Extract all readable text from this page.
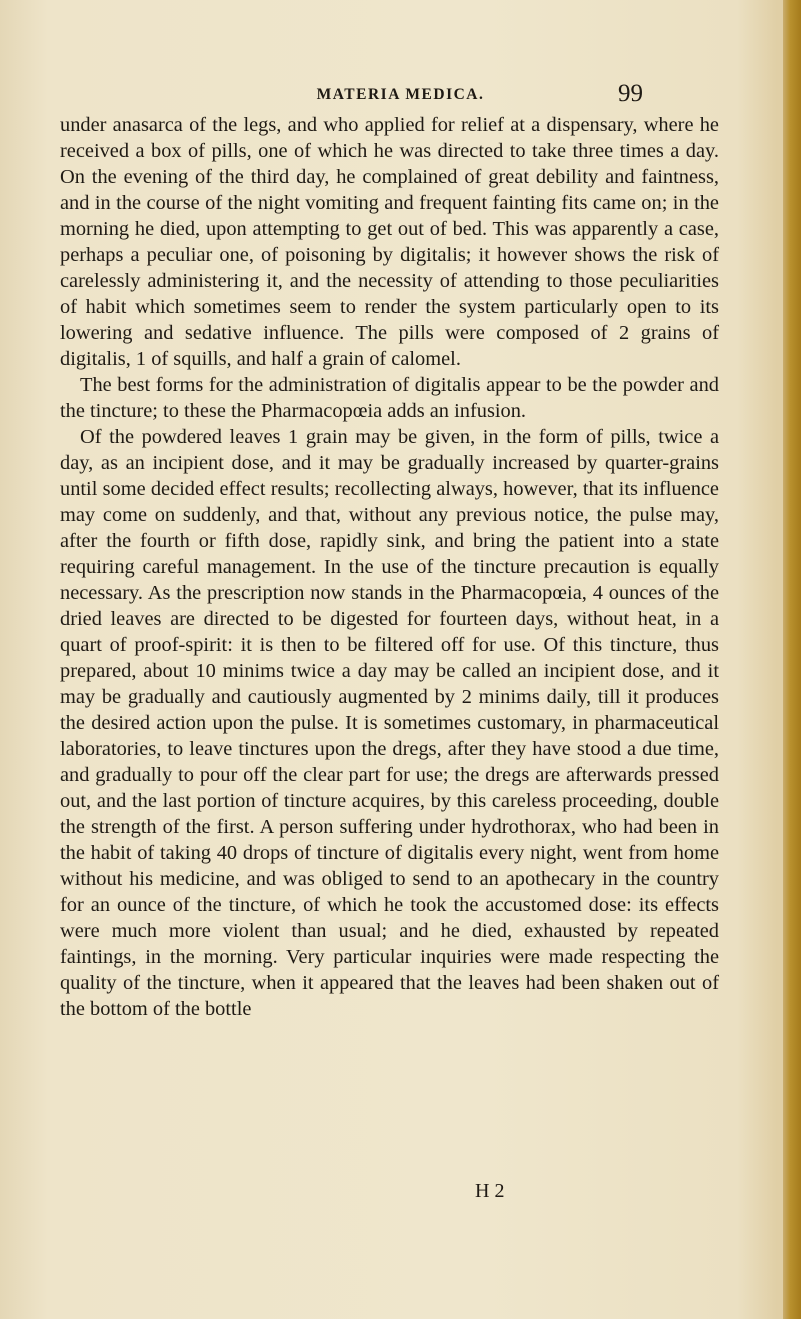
MATERIA MEDICA.	99

under anasarca of the legs, and who applied for relief at a dispensary, where he received a box of pills, one of which he was directed to take three times a day. On the evening of the third day, he complained of great debility and faintness, and in the course of the night vomiting and frequent fainting fits came on; in the morning he died, upon attempting to get out of bed. This was apparently a case, perhaps a peculiar one, of poisoning by digitalis; it however shows the risk of carelessly administering it, and the necessity of attending to those peculiarities of habit which sometimes seem to render the system particularly open to its lowering and sedative influence. The pills were composed of 2 grains of digitalis, 1 of squills, and half a grain of calomel.

The best forms for the administration of digitalis appear to be the powder and the tincture; to these the Pharmacopœia adds an infusion.

Of the powdered leaves 1 grain may be given, in the form of pills, twice a day, as an incipient dose, and it may be gradually increased by quarter-grains until some decided effect results; recollecting always, however, that its influence may come on suddenly, and that, without any previous notice, the pulse may, after the fourth or fifth dose, rapidly sink, and bring the patient into a state requiring careful management. In the use of the tincture precaution is equally necessary. As the prescription now stands in the Pharmacopœia, 4 ounces of the dried leaves are directed to be digested for fourteen days, without heat, in a quart of proof-spirit: it is then to be filtered off for use. Of this tincture, thus prepared, about 10 minims twice a day may be called an incipient dose, and it may be gradually and cautiously augmented by 2 minims daily, till it produces the desired action upon the pulse. It is sometimes customary, in pharmaceutical laboratories, to leave tinctures upon the dregs, after they have stood a due time, and gradually to pour off the clear part for use; the dregs are afterwards pressed out, and the last portion of tincture acquires, by this careless proceeding, double the strength of the first. A person suffering under hydrothorax, who had been in the habit of taking 40 drops of tincture of digitalis every night, went from home without his medicine, and was obliged to send to an apothecary in the country for an ounce of the tincture, of which he took the accustomed dose: its effects were much more violent than usual; and he died, exhausted by repeated faintings, in the morning. Very particular inquiries were made respecting the quality of the tincture, when it appeared that the leaves had been shaken out of the bottom of the bottle

H 2
